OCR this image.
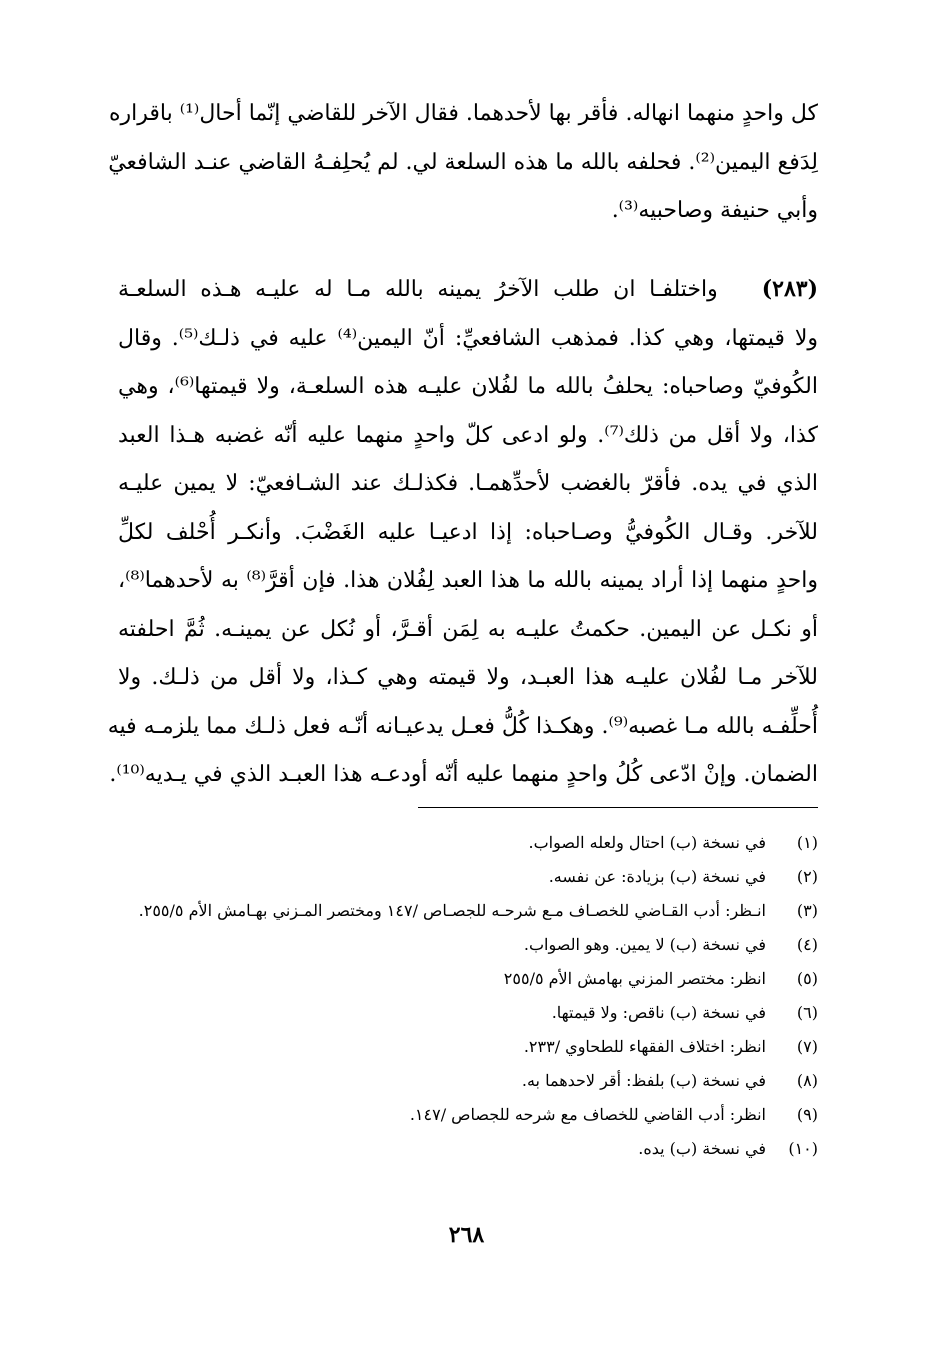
كل واحدٍ منهما انهاله. فأقر بها لأحدهما. فقال الآخر للقاضي إنّما أحال⁽¹⁾ باقراره
لِدَفع اليمين⁽²⁾. فحلفه بالله ما هذه السلعة لي. لم يُحلِفـهُ القاضي عنـد الشافعيّ
وأبي حنيفة وصاحبيه⁽³⁾.
(٢٨٣)واختلفـا ان طلب الآخرُ يمينه بالله مـا له عليـه هـذه السلعـة
ولا قيمتها، وهي كذا. فمذهب الشافعيِّ: أنّ اليمين⁽⁴⁾ عليه في ذلـك⁽⁵⁾. وقال
الكُوفيّ وصاحباه: يحلفُ بالله ما لفُلان عليـه هذه السلعـة، ولا قيمتها⁽⁶⁾، وهي
كذا، ولا أقل من ذلك⁽⁷⁾. ولو ادعى كلّ واحدٍ منهما عليه أنّه غضبه هـذا العبد
الذي في يده. فأقرّ بالغضب لأحدِّهمـا. فكذلـك عند الشـافعيّ: لا يمين عليـه
للآخر. وقـال الكُوفيُّ وصـاحباه: إذا ادعيـا عليه الغَضْبَ. وأنكـر أُحْلف لكلِّ
واحدٍ منهما إذا أراد يمينه بالله ما هذا العبد لِفُلان هذا. فإن أقرَّ⁽⁸⁾ به لأحدهما⁽⁸⁾،
أو نكـل عن اليمين. حكمتُ عليـه به لِمَن أقـرَّ، أو نُكل عن يمينـه. ثُمَّ احلفته
للآخر مـا لفُلان عليـه هذا العبـد، ولا قيمته وهي كـذا، ولا أقل من ذلـك. ولا
أُحلِّفـه بالله مـا غصبه⁽⁹⁾. وهكـذا كُلُّ فعـل يدعيـانه أنّـه فعل ذلـك مما يلزمـه فيه
الضمان. وإنْ ادّعى كُلُ واحدٍ منهما عليه أنّه أودعـه هذا العبـد الذي في يـديه⁽¹⁰⁾.
(١)
في نسخة (ب) احتال ولعله الصواب.
(٢)
في نسخة (ب) بزيادة: عن نفسه.
(٣)
انـظر: أدب القـاضي للخصـاف مـع شرحـه للجصـاص /١٤٧ ومختصر المـزني بهـامش الأم ٢٥٥/٥.
(٤)
في نسخة (ب) لا يمين. وهو الصواب.
(٥)
انظر: مختصر المزني بهامش الأم ٢٥٥/٥
(٦)
في نسخة (ب) ناقص: ولا قيمتها.
(٧)
انظر: اختلاف الفقهاء للطحاوي /٢٣٣.
(٨)
في نسخة (ب) بلفظ: أقر لاحدهما به.
(٩)
انظر: أدب القاضي للخصاف مع شرحه للجصاص /١٤٧.
(١٠)
في نسخة (ب) يده.
٢٦٨
